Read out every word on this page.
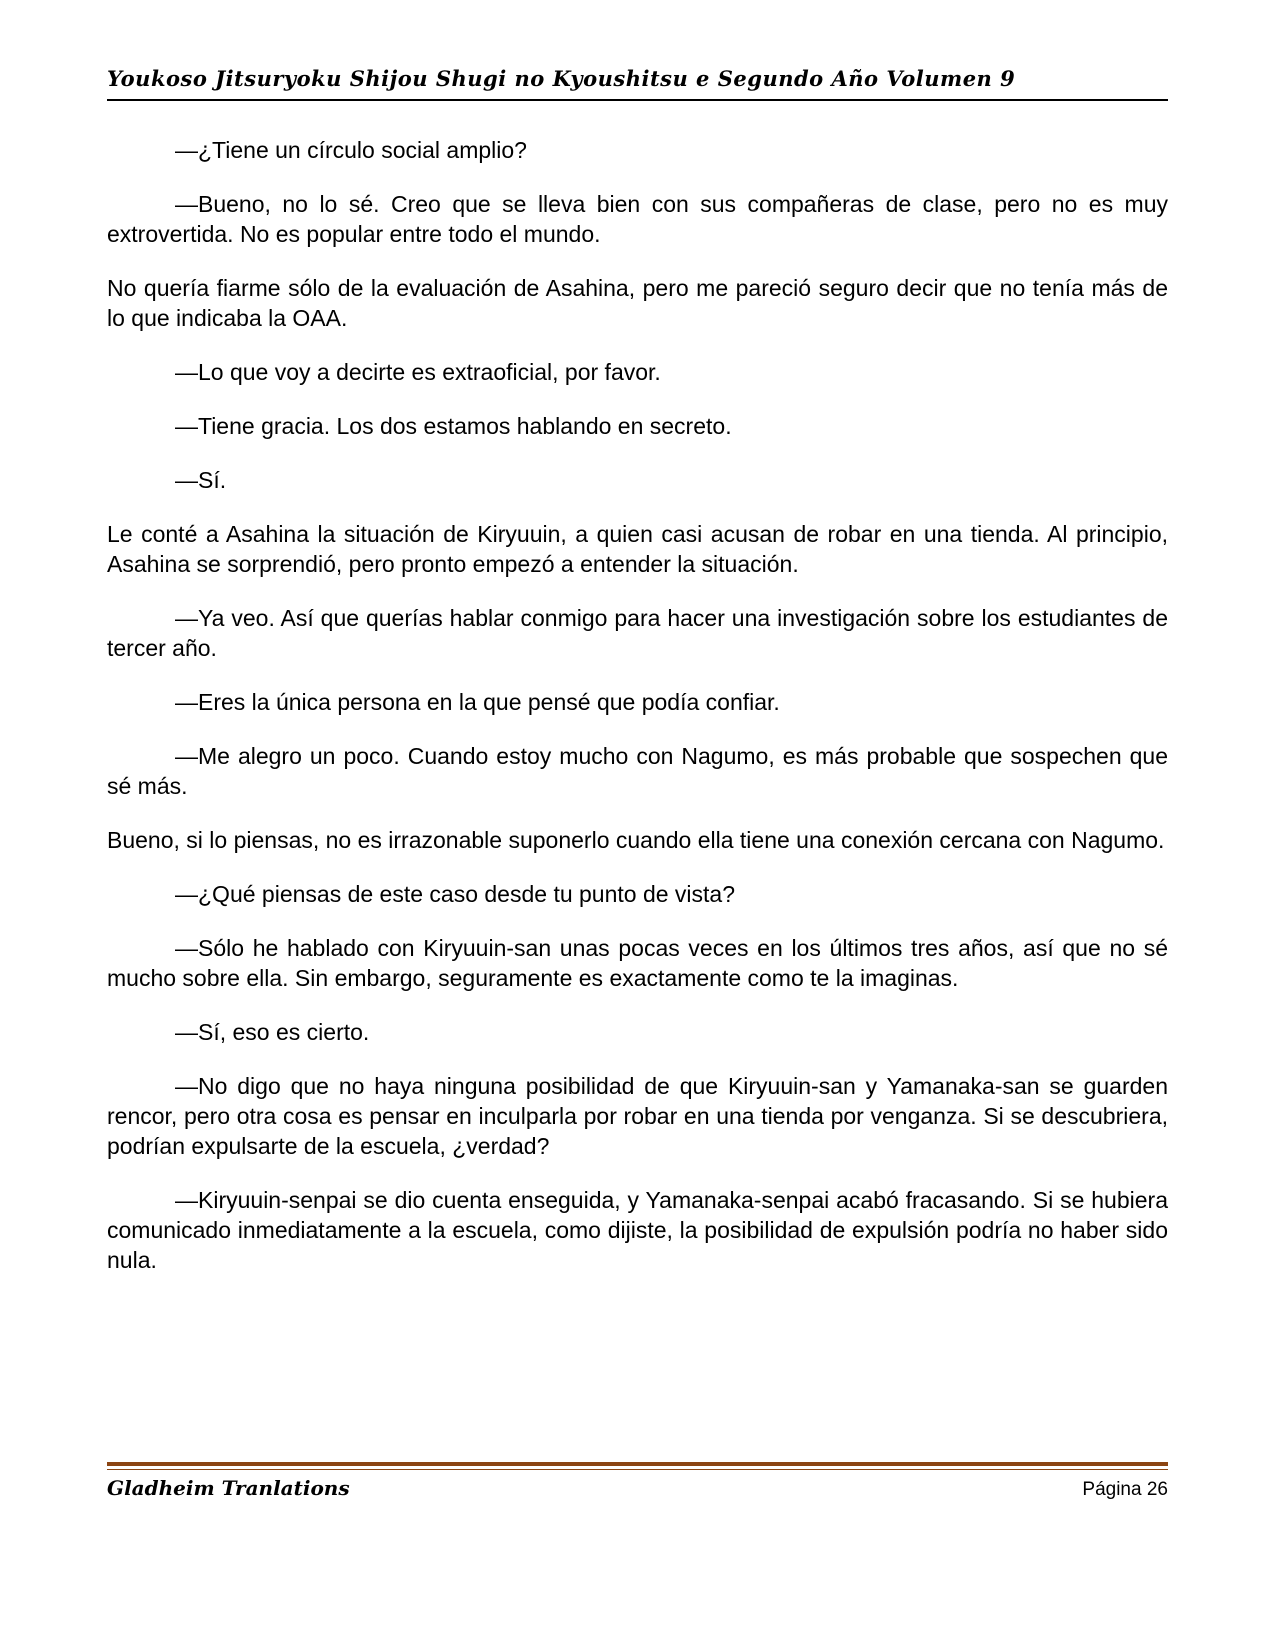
Youkoso Jitsuryoku Shijou Shugi no Kyoushitsu e Segundo Año Volumen 9

—¿Tiene un círculo social amplio?

—Bueno, no lo sé. Creo que se lleva bien con sus compañeras de clase, pero no es muy extrovertida. No es popular entre todo el mundo.

No quería fiarme sólo de la evaluación de Asahina, pero me pareció seguro decir que no tenía más de lo que indicaba la OAA.

—Lo que voy a decirte es extraoficial, por favor.

—Tiene gracia. Los dos estamos hablando en secreto.

—Sí.

Le conté a Asahina la situación de Kiryuuin, a quien casi acusan de robar en una tienda. Al principio, Asahina se sorprendió, pero pronto empezó a entender la situación.

—Ya veo. Así que querías hablar conmigo para hacer una investigación sobre los estudiantes de tercer año.

—Eres la única persona en la que pensé que podía confiar.

—Me alegro un poco. Cuando estoy mucho con Nagumo, es más probable que sospechen que sé más.

Bueno, si lo piensas, no es irrazonable suponerlo cuando ella tiene una conexión cercana con Nagumo.

—¿Qué piensas de este caso desde tu punto de vista?

—Sólo he hablado con Kiryuuin-san unas pocas veces en los últimos tres años, así que no sé mucho sobre ella. Sin embargo, seguramente es exactamente como te la imaginas.

—Sí, eso es cierto.

—No digo que no haya ninguna posibilidad de que Kiryuuin-san y Yamanaka-san se guarden rencor, pero otra cosa es pensar en inculparla por robar en una tienda por venganza. Si se descubriera, podrían expulsarte de la escuela, ¿verdad?

—Kiryuuin-senpai se dio cuenta enseguida, y Yamanaka-senpai acabó fracasando. Si se hubiera comunicado inmediatamente a la escuela, como dijiste, la posibilidad de expulsión podría no haber sido nula.

Gladheim Tranlations	Página 26
